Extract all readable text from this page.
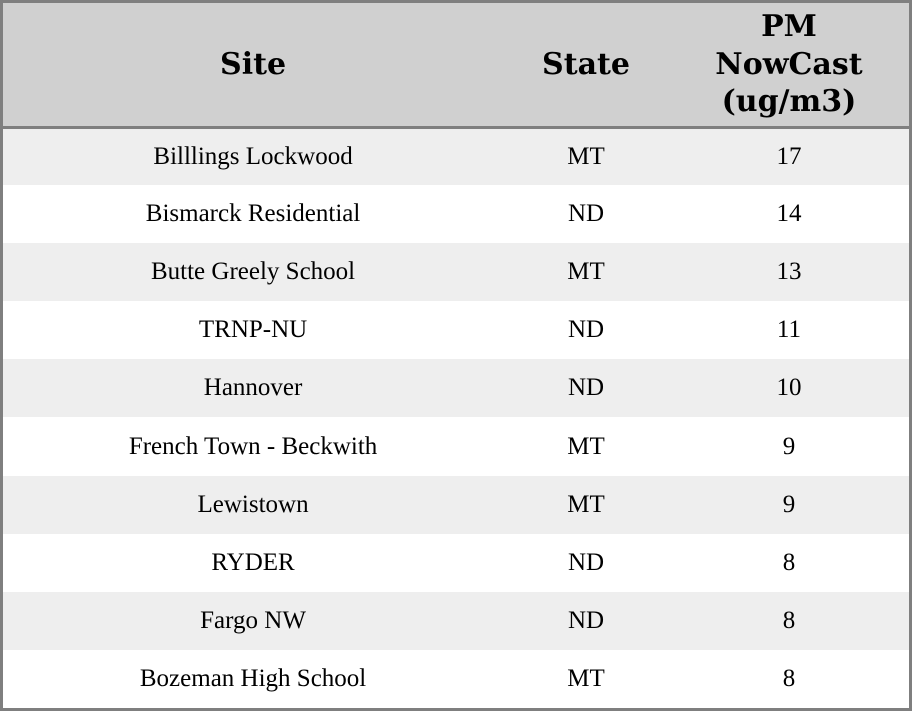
Site	State	PM NowCast (ug/m3)
Billlings Lockwood	MT	17
Bismarck Residential	ND	14
Butte Greely School	MT	13
TRNP-NU	ND	11
Hannover	ND	10
French Town - Beckwith	MT	9
Lewistown	MT	9
RYDER	ND	8
Fargo NW	ND	8
Bozeman High School	MT	8
